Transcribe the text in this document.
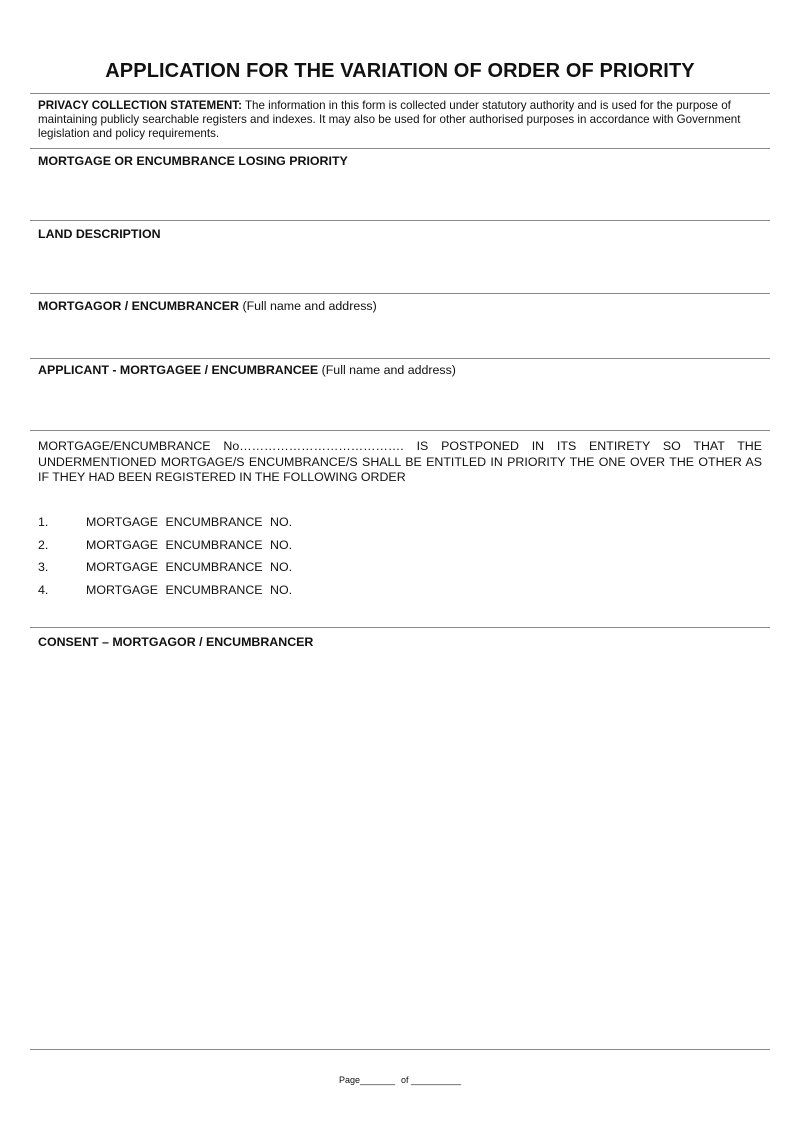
APPLICATION FOR THE VARIATION OF ORDER OF PRIORITY
PRIVACY COLLECTION STATEMENT: The information in this form is collected under statutory authority and is used for the purpose of maintaining publicly searchable registers and indexes. It may also be used for other authorised purposes in accordance with Government legislation and policy requirements.
MORTGAGE OR ENCUMBRANCE LOSING PRIORITY
LAND DESCRIPTION
MORTGAGOR / ENCUMBRANCER (Full name and address)
APPLICANT - MORTGAGEE / ENCUMBRANCEE (Full name and address)
MORTGAGE/ENCUMBRANCE No…………………………………. IS POSTPONED IN ITS ENTIRETY SO THAT THE UNDERMENTIONED MORTGAGE/S ENCUMBRANCE/S SHALL BE ENTITLED IN PRIORITY THE ONE OVER THE OTHER AS IF THEY HAD BEEN REGISTERED IN THE FOLLOWING ORDER
1.	MORTGAGE ENCUMBRANCE NO.
2.	MORTGAGE ENCUMBRANCE NO.
3.	MORTGAGE ENCUMBRANCE NO.
4.	MORTGAGE ENCUMBRANCE NO.
CONSENT – MORTGAGOR / ENCUMBRANCER
Page_______ of __________
